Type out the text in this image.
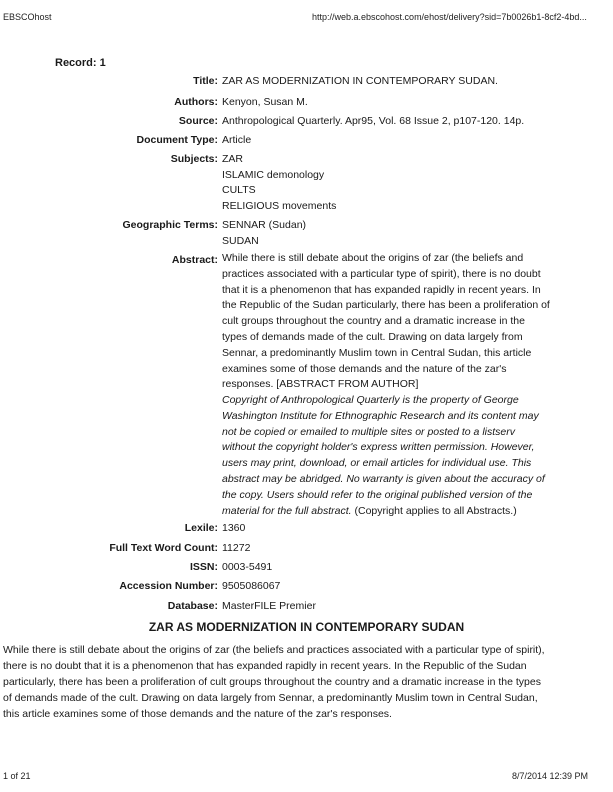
EBSCOhost	http://web.a.ebscohost.com/ehost/delivery?sid=7b0026b1-8cf2-4bd...
Record: 1
Title: ZAR AS MODERNIZATION IN CONTEMPORARY SUDAN.
Authors: Kenyon, Susan M.
Source: Anthropological Quarterly. Apr95, Vol. 68 Issue 2, p107-120. 14p.
Document Type: Article
Subjects: ZAR
ISLAMIC demonology
CULTS
RELIGIOUS movements
Geographic Terms: SENNAR (Sudan)
SUDAN
Abstract: While there is still debate about the origins of zar (the beliefs and practices associated with a particular type of spirit), there is no doubt that it is a phenomenon that has expanded rapidly in recent years. In the Republic of the Sudan particularly, there has been a proliferation of cult groups throughout the country and a dramatic increase in the types of demands made of the cult. Drawing on data largely from Sennar, a predominantly Muslim town in Central Sudan, this article examines some of those demands and the nature of the zar's responses. [ABSTRACT FROM AUTHOR]
Copyright of Anthropological Quarterly is the property of George Washington Institute for Ethnographic Research and its content may not be copied or emailed to multiple sites or posted to a listserv without the copyright holder's express written permission. However, users may print, download, or email articles for individual use. This abstract may be abridged. No warranty is given about the accuracy of the copy. Users should refer to the original published version of the material for the full abstract. (Copyright applies to all Abstracts.)
Lexile: 1360
Full Text Word Count: 11272
ISSN: 0003-5491
Accession Number: 9505086067
Database: MasterFILE Premier
ZAR AS MODERNIZATION IN CONTEMPORARY SUDAN
While there is still debate about the origins of zar (the beliefs and practices associated with a particular type of spirit), there is no doubt that it is a phenomenon that has expanded rapidly in recent years. In the Republic of the Sudan particularly, there has been a proliferation of cult groups throughout the country and a dramatic increase in the types of demands made of the cult. Drawing on data largely from Sennar, a predominantly Muslim town in Central Sudan, this article examines some of those demands and the nature of the zar's responses.
1 of 21	8/7/2014 12:39 PM
